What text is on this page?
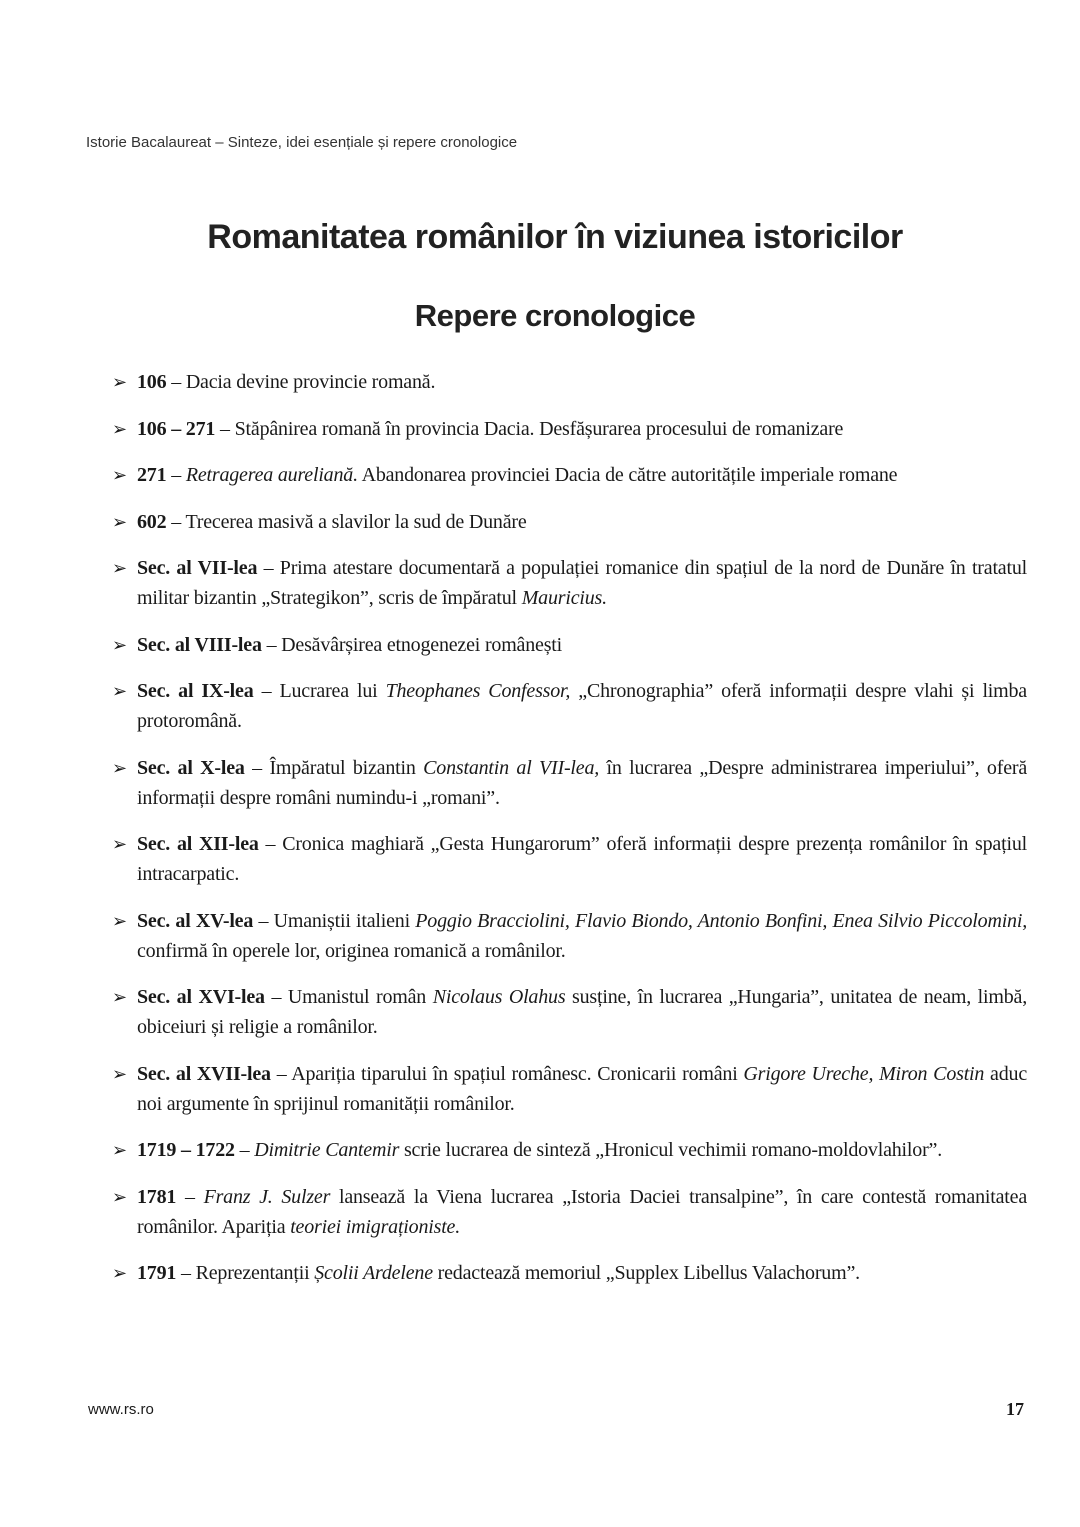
Istorie Bacalaureat – Sinteze, idei esențiale și repere cronologice
Romanitatea românilor în viziunea istoricilor
Repere cronologice
➢ 106 – Dacia devine provincie romană.
➢ 106 – 271 – Stăpânirea romană în provincia Dacia. Desfășurarea procesului de romanizare
➢ 271 – Retragerea aureliană. Abandonarea provinciei Dacia de către autoritățile imperiale romane
➢ 602 – Trecerea masivă a slavilor la sud de Dunăre
➢ Sec. al VII-lea – Prima atestare documentară a populației romanice din spațiul de la nord de Dunăre în tratatul militar bizantin „Strategikon”, scris de împăratul Mauricius.
➢ Sec. al VIII-lea – Desăvârșirea etnogenezei românești
➢ Sec. al IX-lea – Lucrarea lui Theophanes Confessor, „Chronographia” oferă informații despre vlahi și limba protoromână.
➢ Sec. al X-lea – Împăratul bizantin Constantin al VII-lea, în lucrarea „Despre administrarea imperiului”, oferă informații despre români numindu-i „romani”.
➢ Sec. al XII-lea – Cronica maghiară „Gesta Hungarorum” oferă informații despre prezența românilor în spațiul intracarpatic.
➢ Sec. al XV-lea – Umaniștii italieni Poggio Bracciolini, Flavio Biondo, Antonio Bonfini, Enea Silvio Piccolomini, confirmă în operele lor, originea romanică a românilor.
➢ Sec. al XVI-lea – Umanistul român Nicolaus Olahus susține, în lucrarea „Hungaria”, unitatea de neam, limbă, obiceiuri și religie a românilor.
➢ Sec. al XVII-lea – Apariția tiparului în spațiul românesc. Cronicarii români Grigore Ureche, Miron Costin aduc noi argumente în sprijinul romanității românilor.
➢ 1719 – 1722 – Dimitrie Cantemir scrie lucrarea de sinteză „Hronicul vechimii romano-moldovlahilor”.
➢ 1781 – Franz J. Sulzer lansează la Viena lucrarea „Istoria Daciei transalpine”, în care contestă romanitatea românilor. Apariția teoriei imigraționiste.
➢ 1791 – Reprezentanții Școlii Ardelene redactează memoriul „Supplex Libellus Valachorum”.
www.rs.ro	17
